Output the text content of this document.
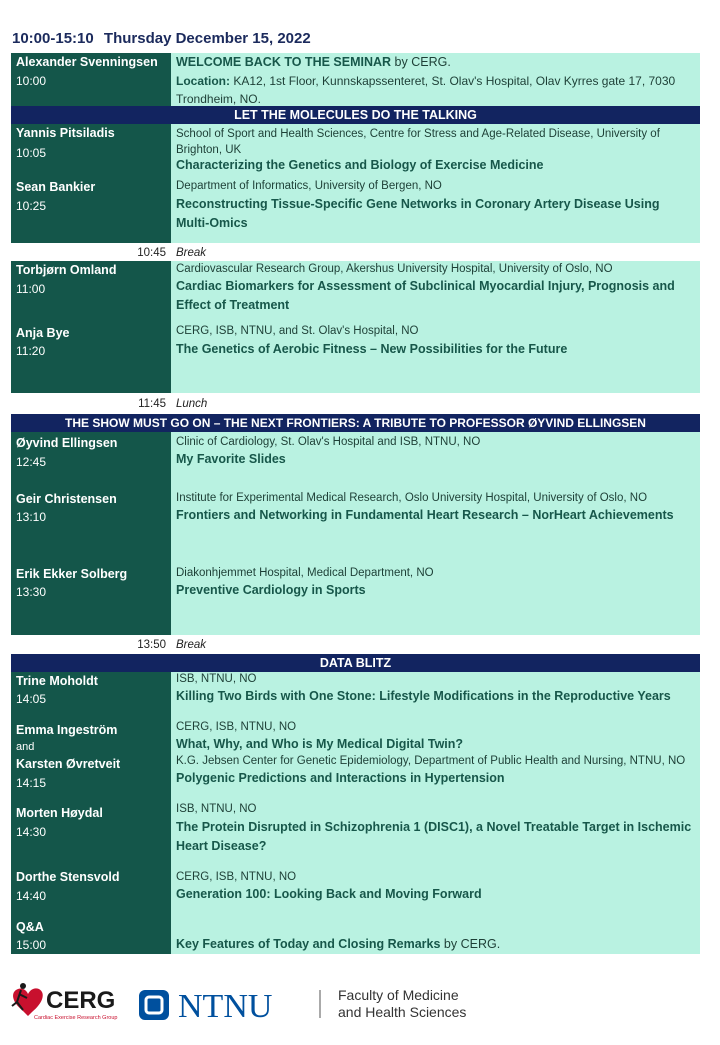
10:00-15:10 Thursday December 15, 2022
Alexander Svenningsen
10:00
WELCOME BACK TO THE SEMINAR by CERG.
Location: KA12, 1st Floor, Kunnskapssenteret, St. Olav's Hospital, Olav Kyrres gate 17, 7030 Trondheim, NO.
LET THE MOLECULES DO THE TALKING
Yannis Pitsiladis
10:05
School of Sport and Health Sciences, Centre for Stress and Age-Related Disease, University of Brighton, UK
Characterizing the Genetics and Biology of Exercise Medicine
Sean Bankier
10:25
Department of Informatics, University of Bergen, NO
Reconstructing Tissue-Specific Gene Networks in Coronary Artery Disease Using Multi-Omics
10:45 Break
Torbjørn Omland
11:00
Cardiovascular Research Group, Akershus University Hospital, University of Oslo, NO
Cardiac Biomarkers for Assessment of Subclinical Myocardial Injury, Prognosis and Effect of Treatment
Anja Bye
11:20
CERG, ISB, NTNU, and St. Olav's Hospital, NO
The Genetics of Aerobic Fitness – New Possibilities for the Future
11:45 Lunch
THE SHOW MUST GO ON – THE NEXT FRONTIERS: A TRIBUTE TO PROFESSOR ØYVIND ELLINGSEN
Øyvind Ellingsen
12:45
Clinic of Cardiology, St. Olav's Hospital and ISB, NTNU, NO
My Favorite Slides
Geir Christensen
13:10
Institute for Experimental Medical Research, Oslo University Hospital, University of Oslo, NO
Frontiers and Networking in Fundamental Heart Research – NorHeart Achievements
Erik Ekker Solberg
13:30
Diakonhjemmet Hospital, Medical Department, NO
Preventive Cardiology in Sports
13:50 Break
DATA BLITZ
Trine Moholdt
14:05
ISB, NTNU, NO
Killing Two Birds with One Stone: Lifestyle Modifications in the Reproductive Years
Emma Ingeström
and
Karsten Øvretveit
14:15
CERG, ISB, NTNU, NO
What, Why, and Who is My Medical Digital Twin?
K.G. Jebsen Center for Genetic Epidemiology, Department of Public Health and Nursing, NTNU, NO
Polygenic Predictions and Interactions in Hypertension
Morten Høydal
14:30
ISB, NTNU, NO
The Protein Disrupted in Schizophrenia 1 (DISC1), a Novel Treatable Target in Ischemic Heart Disease?
Dorthe Stensvold
14:40
CERG, ISB, NTNU, NO
Generation 100: Looking Back and Moving Forward
Q&A
15:00	Key Features of Today and Closing Remarks by CERG.
CERG
Cardiac Exercise Research Group NTNU	Faculty of Medicine
and Health Sciences
